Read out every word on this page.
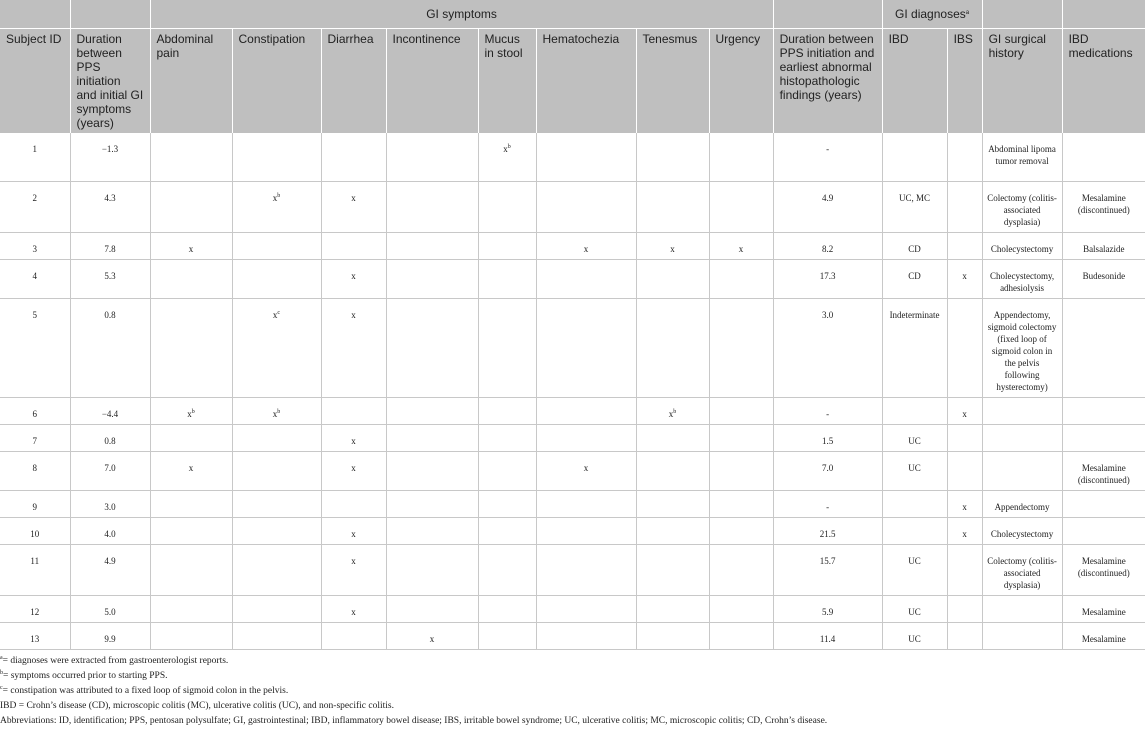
		GI symptoms									GI diagnoses$^a$		
Subject ID	Duration between PPS initiation and initial GI symptoms (years)	Abdominal pain	Constipation	Diarrhea	Incontinence	Mucus in stool	Hematochezia	Tenesmus	Urgency	Duration between PPS initiation and earliest abnormal histopathologic findings (years)	IBD	IBS	GI surgical history	IBD medications
1	−1.3					$x^b$				-			Abdominal lipoma tumor removal	
2	4.3		$x^b$	x						4.9	UC, MC		Colectomy (colitis-associated dysplasia)	Mesalamine (discontinued)
3	7.8	x					x	x	x	8.2	CD		Cholecystectomy	Balsalazide
4	5.3			x						17.3	CD	x	Cholecystectomy, adhesiolysis	Budesonide
5	0.8		$x^c$	x						3.0	Indeterminate		Appendectomy, sigmoid colectomy (fixed loop of sigmoid colon in the pelvis following hysterectomy)	
6	−4.4	$x^b$	$x^b$					$x^b$		-		x		
7	0.8			x						1.5	UC			
8	7.0	x		x			x			7.0	UC			Mesalamine (discontinued)
9	3.0									-		x	Appendectomy	
10	4.0			x						21.5		x	Cholecystectomy	
11	4.9			x						15.7	UC		Colectomy (colitis-associated dysplasia)	Mesalamine (discontinued)
12	5.0			x						5.9	UC			Mesalamine
13	9.9				x					11.4	UC			Mesalamine
$^a$= diagnoses were extracted from gastroenterologist reports.
$^b$= symptoms occurred prior to starting PPS.
$^c$= constipation was attributed to a fixed loop of sigmoid colon in the pelvis.
IBD = Crohn’s disease (CD), microscopic colitis (MC), ulcerative colitis (UC), and non-specific colitis.
Abbreviations: ID, identification; PPS, pentosan polysulfate; GI, gastrointestinal; IBD, inflammatory bowel disease; IBS, irritable bowel syndrome; UC, ulcerative colitis; MC, microscopic colitis; CD, Crohn’s disease.
